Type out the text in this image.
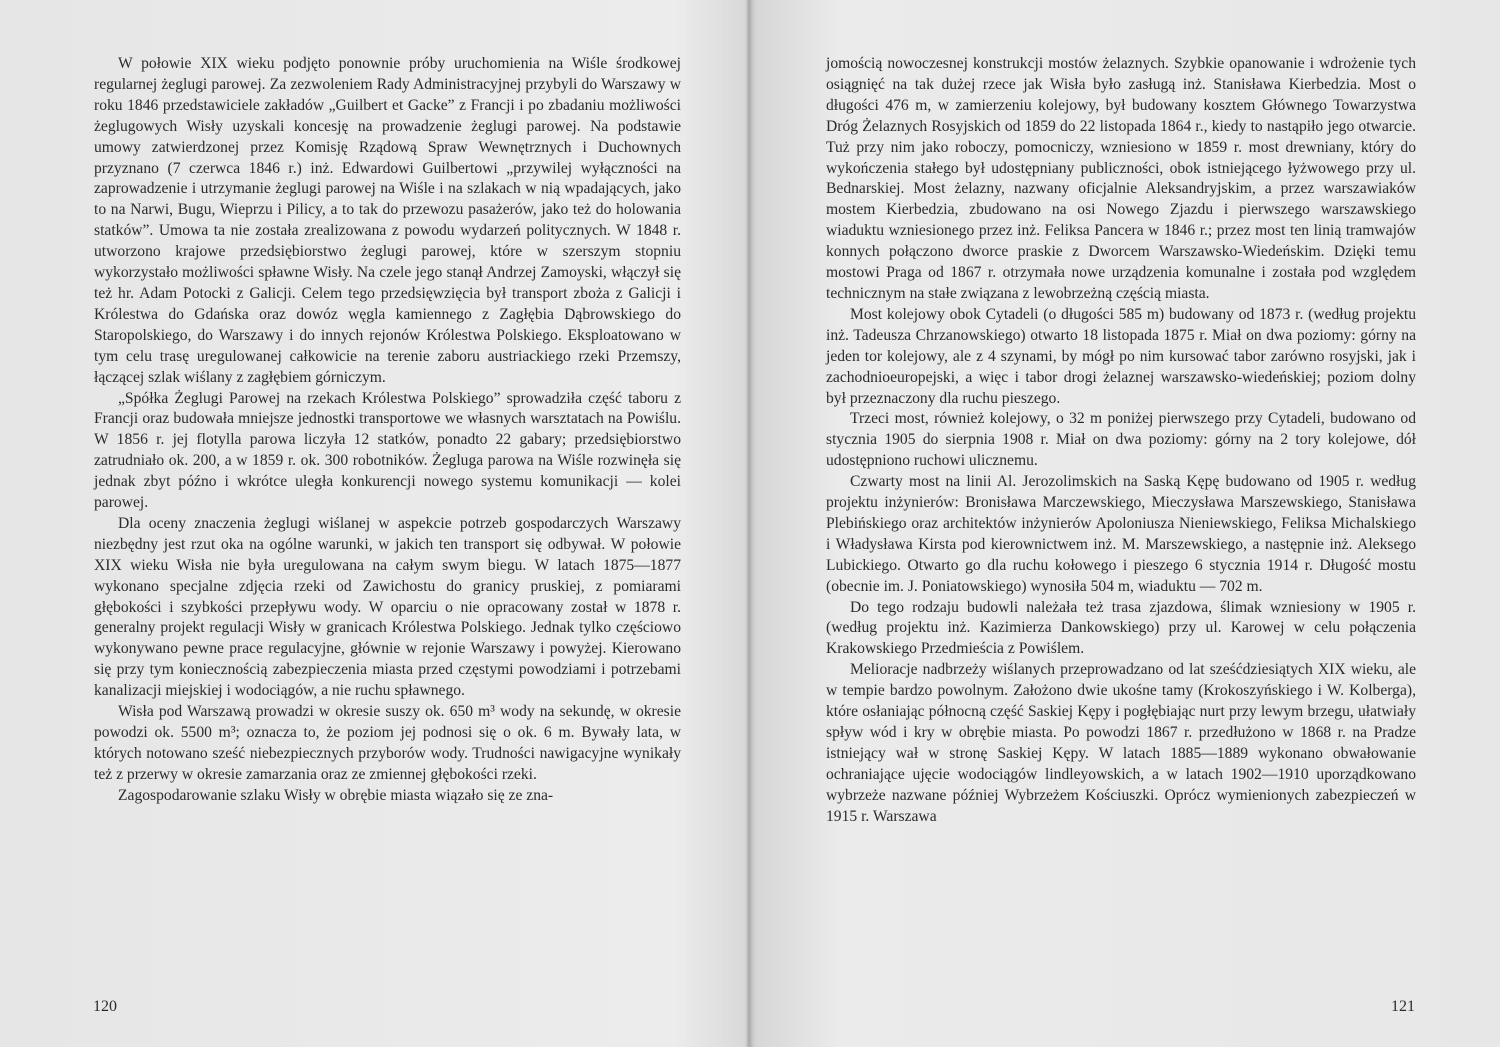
W połowie XIX wieku podjęto ponownie próby uruchomienia na Wiśle środkowej regularnej żeglugi parowej. Za zezwoleniem Rady Administracyjnej przybyli do Warszawy w roku 1846 przedstawiciele zakładów „Guilbert et Gacke” z Francji i po zbadaniu możliwości żeglugowych Wisły uzyskali koncesję na prowadzenie żeglugi parowej. Na podstawie umowy zatwierdzonej przez Komisję Rządową Spraw Wewnętrznych i Duchownych przyznano (7 czerwca 1846 r.) inż. Edwardowi Guilbertowi „przywilej wyłączności na zaprowadzenie i utrzymanie żeglugi parowej na Wiśle i na szlakach w nią wpadających, jako to na Narwi, Bugu, Wieprzu i Pilicy, a to tak do przewozu pasażerów, jako też do holowania statków”. Umowa ta nie została zrealizowana z powodu wydarzeń politycznych. W 1848 r. utworzono krajowe przedsiębiorstwo żeglugi parowej, które w szerszym stopniu wykorzystało możliwości spławne Wisły. Na czele jego stanął Andrzej Zamoyski, włączył się też hr. Adam Potocki z Galicji. Celem tego przedsięwzięcia był transport zboża z Galicji i Królestwa do Gdańska oraz dowóz węgla kamiennego z Zagłębia Dąbrowskiego do Staropolskiego, do Warszawy i do innych rejonów Królestwa Polskiego. Eksploatowano w tym celu trasę uregulowanej całkowicie na terenie zaboru austriackiego rzeki Przemszy, łączącej szlak wiślany z zagłębiem górniczym.

„Spółka Żeglugi Parowej na rzekach Królestwa Polskiego” sprowadziła część taboru z Francji oraz budowała mniejsze jednostki transportowe we własnych warsztatach na Powiślu. W 1856 r. jej flotylla parowa liczyła 12 statków, ponadto 22 gabary; przedsiębiorstwo zatrudniało ok. 200, a w 1859 r. ok. 300 robotników. Żegluga parowa na Wiśle rozwinęła się jednak zbyt późno i wkrótce uległa konkurencji nowego systemu komunikacji — kolei parowej.

Dla oceny znaczenia żeglugi wiślanej w aspekcie potrzeb gospodarczych Warszawy niezbędny jest rzut oka na ogólne warunki, w jakich ten transport się odbywał. W połowie XIX wieku Wisła nie była uregulowana na całym swym biegu. W latach 1875—1877 wykonano specjalne zdjęcia rzeki od Zawichostu do granicy pruskiej, z pomiarami głębokości i szybkości przepływu wody. W oparciu o nie opracowany został w 1878 r. generalny projekt regulacji Wisły w granicach Królestwa Polskiego. Jednak tylko częściowo wykonywano pewne prace regulacyjne, głównie w rejonie Warszawy i powyżej. Kierowano się przy tym koniecznością zabezpieczenia miasta przed częstymi powodziami i potrzebami kanalizacji miejskiej i wodociągów, a nie ruchu spławnego.

Wisła pod Warszawą prowadzi w okresie suszy ok. 650 m³ wody na sekundę, w okresie powodzi ok. 5500 m³; oznacza to, że poziom jej podnosi się o ok. 6 m. Bywały lata, w których notowano sześć niebezpiecznych przyborów wody. Trudności nawigacyjne wynikały też z przerwy w okresie zamarzania oraz ze zmiennej głębokości rzeki.

Zagospodarowanie szlaku Wisły w obrębie miasta wiązało się ze zna-

jomością nowoczesnej konstrukcji mostów żelaznych. Szybkie opanowanie i wdrożenie tych osiągnięć na tak dużej rzece jak Wisła było zasługą inż. Stanisława Kierbedzia. Most o długości 476 m, w zamierzeniu kolejowy, był budowany kosztem Głównego Towarzystwa Dróg Żelaznych Rosyjskich od 1859 do 22 listopada 1864 r., kiedy to nastąpiło jego otwarcie. Tuż przy nim jako roboczy, pomocniczy, wzniesiono w 1859 r. most drewniany, który do wykończenia stałego był udostępniany publiczności, obok istniejącego łyżwowego przy ul. Bednarskiej. Most żelazny, nazwany oficjalnie Aleksandryjskim, a przez warszawiaków mostem Kierbedzia, zbudowano na osi Nowego Zjazdu i pierwszego warszawskiego wiaduktu wzniesionego przez inż. Feliksa Pancera w 1846 r.; przez most ten linią tramwajów konnych połączono dworce praskie z Dworcem Warszawsko-Wiedeńskim. Dzięki temu mostowi Praga od 1867 r. otrzymała nowe urządzenia komunalne i została pod względem technicznym na stałe związana z lewobrzeżną częścią miasta.

Most kolejowy obok Cytadeli (o długości 585 m) budowany od 1873 r. (według projektu inż. Tadeusza Chrzanowskiego) otwarto 18 listopada 1875 r. Miał on dwa poziomy: górny na jeden tor kolejowy, ale z 4 szynami, by mógł po nim kursować tabor zarówno rosyjski, jak i zachodnioeuropejski, a więc i tabor drogi żelaznej warszawsko-wiedeńskiej; poziom dolny był przeznaczony dla ruchu pieszego.

Trzeci most, również kolejowy, o 32 m poniżej pierwszego przy Cytadeli, budowano od stycznia 1905 do sierpnia 1908 r. Miał on dwa poziomy: górny na 2 tory kolejowe, dół udostępniono ruchowi ulicznemu.

Czwarty most na linii Al. Jerozolimskich na Saską Kępę budowano od 1905 r. według projektu inżynierów: Bronisława Marczewskiego, Mieczysława Marszewskiego, Stanisława Plebińskiego oraz architektów inżynierów Apoloniusza Nieniewskiego, Feliksa Michalskiego i Władysława Kirsta pod kierownictwem inż. M. Marszewskiego, a następnie inż. Aleksego Lubickiego. Otwarto go dla ruchu kołowego i pieszego 6 stycznia 1914 r. Długość mostu (obecnie im. J. Poniatowskiego) wynosiła 504 m, wiaduktu — 702 m.

Do tego rodzaju budowli należała też trasa zjazdowa, ślimak wzniesiony w 1905 r. (według projektu inż. Kazimierza Dankowskiego) przy ul. Karowej w celu połączenia Krakowskiego Przedmieścia z Powiślem.

Melioracje nadbrzeży wiślanych przeprowadzano od lat sześćdziesiątych XIX wieku, ale w tempie bardzo powolnym. Założono dwie ukośne tamy (Krokoszyńskiego i W. Kolberga), które osłaniając północną część Saskiej Kępy i pogłębiając nurt przy lewym brzegu, ułatwiały spływ wód i kry w obrębie miasta. Po powodzi 1867 r. przedłużono w 1868 r. na Pradze istniejący wał w stronę Saskiej Kępy. W latach 1885—1889 wykonano obwałowanie ochraniające ujęcie wodociągów lindleyowskich, a w latach 1902—1910 uporządkowano wybrzeże nazwane później Wybrzeżem Kościuszki. Oprócz wymienionych zabezpieczeń w 1915 r. Warszawa

120	121
